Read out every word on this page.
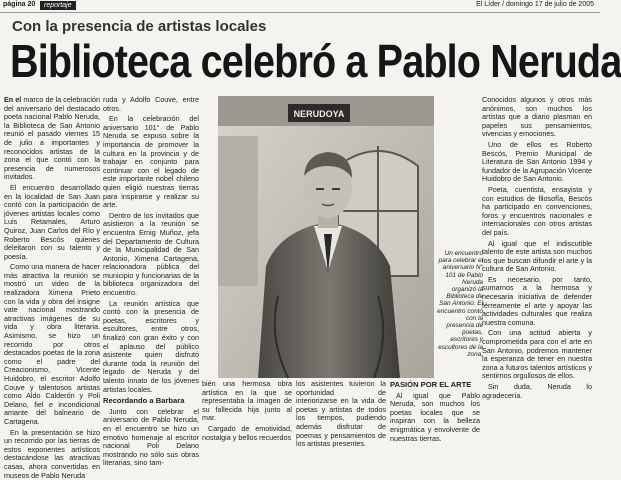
página 20	reportaje	El Líder / domingo 17 de julio de 2005
Con la presencia de artistas locales
Biblioteca celebró a Pablo Neruda

En el marco de la celebración del aniversario del destacado poeta nacional Pablo Neruda, la Biblioteca de San Antonio reunió el pasado viernes 15 de julio a importantes y reconocidos artistas de la zona el que contó con la presencia de numerosos invitados.

El encuentro desarrollado en la localidad de San Juan contó con la participación de jóvenes artistas locales como Luis Retamales, Arturo Quiroz, Juan Carlos del Río y Roberto Bescós quienes deleitaron con su talento y poesía.

Como una manera de hacer más atractiva la reunión se mostró un video de la realizadora Ximena Prieto con la vida y obra del insigne vate nacional mostrando atractivas imágenes de su vida y obra literaria. Asimismo, se hizo un recorrido por otros destacados poetas de la zona como el padre del Creacionismo, Vicente Huidobro, el escritor Adolfo Couve y talentosos artistas como Aldo Calderón y Poli Delano, fiel e incondicional amante del balneario de Cartagena.

En la presentación se hizo un recorrido por las tierras de estos exponentes artísticos destacándose las atractivas casas, ahora convertidas en museos de Pablo Neruda

ruda y Adolfo Couve, entre otros.

En la celebración del aniversario 101° de Pablo Neruda se expuso sobre la importancia de promover la cultura en la provincia y de trabajar en conjunto para continuar con el legado de este importante nobel chileno quien eligió nuestras tierras para inspirarse y realizar su arte.

Dentro de los invitados que asistieron a la reunión se encuentra Ernig Muñoz, jefa del Departamento de Cultura de la Municipalidad de San Antonio, Ximena Cartagena, relacionadora pública del municipio y funcionarias de la biblioteca organizadora del encuentro.

La reunión artística que contó con la presencia de poetas, escritores y escultores, entre otros, finalizó con gran éxito y con el aplauso del público asistente quien disfrutó durante toda la reunión del legado de Neruda y del talento innato de los jóvenes artistas locales.

Recordando a Barbara

Junto con celebrar el aniversario de Pablo Neruda, en el encuentro se hizo un emotivo homenaje al escritor nacional Poli Delano mostrando no sólo sus obras literarias, sino tam-

NERUDOYA
Un encuentro para celebrar el aniversario N° 101 de Pablo Neruda organizó la Biblioteca de San Antonio. El encuentro contó con la presencia de poetas, escritores y escultores de la zona.

Conocidos algunos y otros más anónimos, son muchos los artistas que a diario plasman en papeles sus pensamientos, vivencias y emociones.

Uno de ellos es Roberto Bescós, Premio Municipal de Literatura de San Antonio 1994 y fundador de la Agrupación Vicente Huidobro de San Antonio.

Poeta, cuentista, ensayista y con estudios de filosofía, Bescós ha participado en convenciones, foros y encuentros nacionales e internacionales con otros artistas del país.

Al igual que el indiscutible talento de este artista son muchos los que buscan difundir el arte y la cultura de San Antonio.

Es necesario, por tanto, sumarnos a la hermosa y necesaria iniciativa de defender férreamente el arte y apoyar las actividades culturales que realiza nuestra comuna.

Con una actitud abierta y comprometida para con el arte en San Antonio, podremos mantener la esperanza de tener en nuestra zona a futuros talentos artísticos y sentirnos orgullosos de ellos.

Sin duda, Neruda lo agradecería.

bién una hermosa obra artística en la que se representaba la imagen de su fallecida hija junto al mar.

Cargado de emotividad, nostalgia y bellos recuerdos

los asistentes tuvieron la oportunidad de interiorizarse en la vida de poetas y artistas de todos los tiempos, pudiendo además disfrutar de poemas y pensamientos de los artistas presentes.

PASIÓN POR EL ARTE

Al igual que Pablo Neruda, son muchos los poetas locales que se inspiran con la belleza enigmática y envolvente de nuestras tierras.
